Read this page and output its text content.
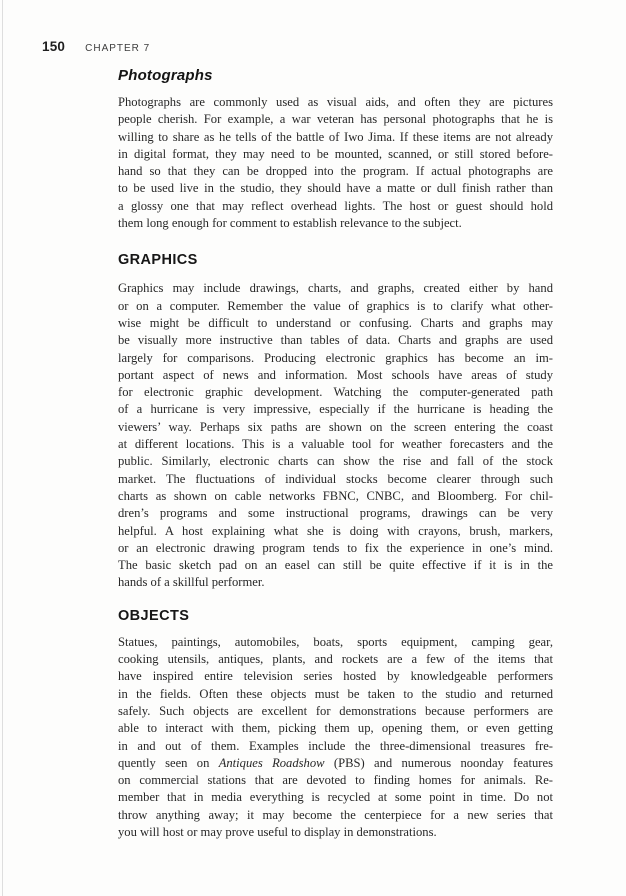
150 CHAPTER 7
Photographs
Photographs are commonly used as visual aids, and often they are pictures
people cherish. For example, a war veteran has personal photographs that he is
willing to share as he tells of the battle of Iwo Jima. If these items are not already
in digital format, they may need to be mounted, scanned, or still stored before-
hand so that they can be dropped into the program. If actual photographs are
to be used live in the studio, they should have a matte or dull finish rather than
a glossy one that may reflect overhead lights. The host or guest should hold
them long enough for comment to establish relevance to the subject.
GRAPHICS
Graphics may include drawings, charts, and graphs, created either by hand
or on a computer. Remember the value of graphics is to clarify what other-
wise might be difficult to understand or confusing. Charts and graphs may
be visually more instructive than tables of data. Charts and graphs are used
largely for comparisons. Producing electronic graphics has become an im-
portant aspect of news and information. Most schools have areas of study
for electronic graphic development. Watching the computer-generated path
of a hurricane is very impressive, especially if the hurricane is heading the
viewers’ way. Perhaps six paths are shown on the screen entering the coast
at different locations. This is a valuable tool for weather forecasters and the
public. Similarly, electronic charts can show the rise and fall of the stock
market. The fluctuations of individual stocks become clearer through such
charts as shown on cable networks FBNC, CNBC, and Bloomberg. For chil-
dren’s programs and some instructional programs, drawings can be very
helpful. A host explaining what she is doing with crayons, brush, markers,
or an electronic drawing program tends to fix the experience in one’s mind.
The basic sketch pad on an easel can still be quite effective if it is in the
hands of a skillful performer.
OBJECTS
Statues, paintings, automobiles, boats, sports equipment, camping gear,
cooking utensils, antiques, plants, and rockets are a few of the items that
have inspired entire television series hosted by knowledgeable performers
in the fields. Often these objects must be taken to the studio and returned
safely. Such objects are excellent for demonstrations because performers are
able to interact with them, picking them up, opening them, or even getting
in and out of them. Examples include the three-dimensional treasures fre-
quently seen on Antiques Roadshow (PBS) and numerous noonday features
on commercial stations that are devoted to finding homes for animals. Re-
member that in media everything is recycled at some point in time. Do not
throw anything away; it may become the centerpiece for a new series that
you will host or may prove useful to display in demonstrations.
